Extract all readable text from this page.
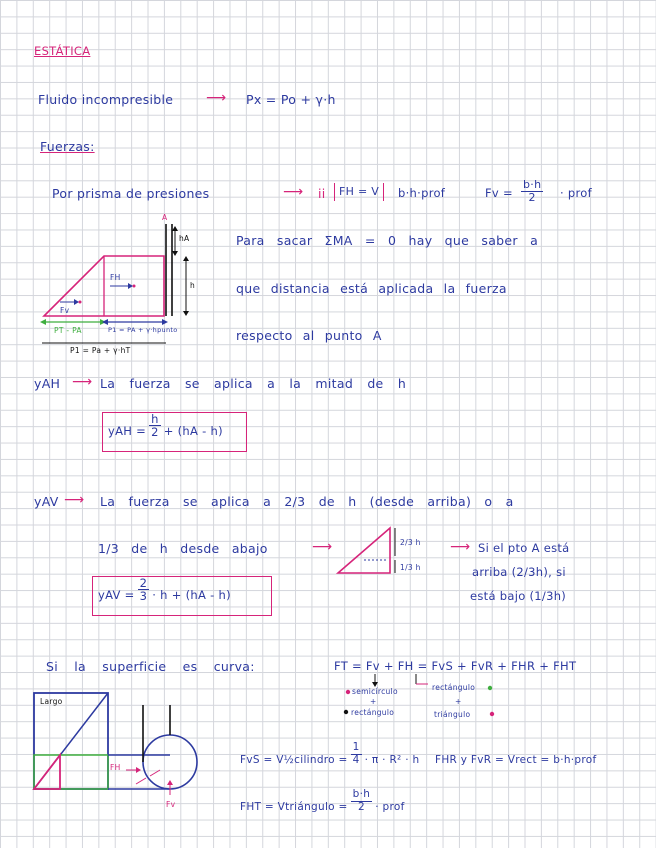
ESTÁTICA
Fluido incompresible ⟶ Px = Po + γ·h
Fuerzas:
Por prisma de presiones	⟶ ii	FH = V	b·h·prof	$Fv = \frac{b\cdot h}{2}$ · prof
A
hA
h
FH
Fv
PT - PA	P1 = PA + γ·hpunto
P1 = Pa + γ·hT
Para sacar ΣMA = 0 hay que saber a
que distancia está aplicada la fuerza
respecto al punto A
yAH ⟶ La fuerza se aplica a la mitad de h
yAH = $\frac{h}{2} + (hA - h)$
yAV ⟶ La fuerza se aplica a 2/3 de h (desde arriba) o a
1/3 de h desde abajo	⟶	2/3 h
1/3 h
⟶ Si el pto A está
arriba (2/3h), si
está bajo (1/3h)
yAV = $\frac{2}{3} \cdot h + (hA - h)$
Si la superficie es curva:	FT = Fv + FH = FvS + FvR + FHR + FHT
semicírculo
+
rectángulo
rectángulo
+
triángulo
Largo
FH
Fv
FvS = V½cilindro = $\frac{1}{4} \cdot \pi \cdot R^2 \cdot h$ FHR y FvR = Vrect = b·h·prof
FHT = Vtriángulo = $\frac{b\cdot h}{2}$ · prof
